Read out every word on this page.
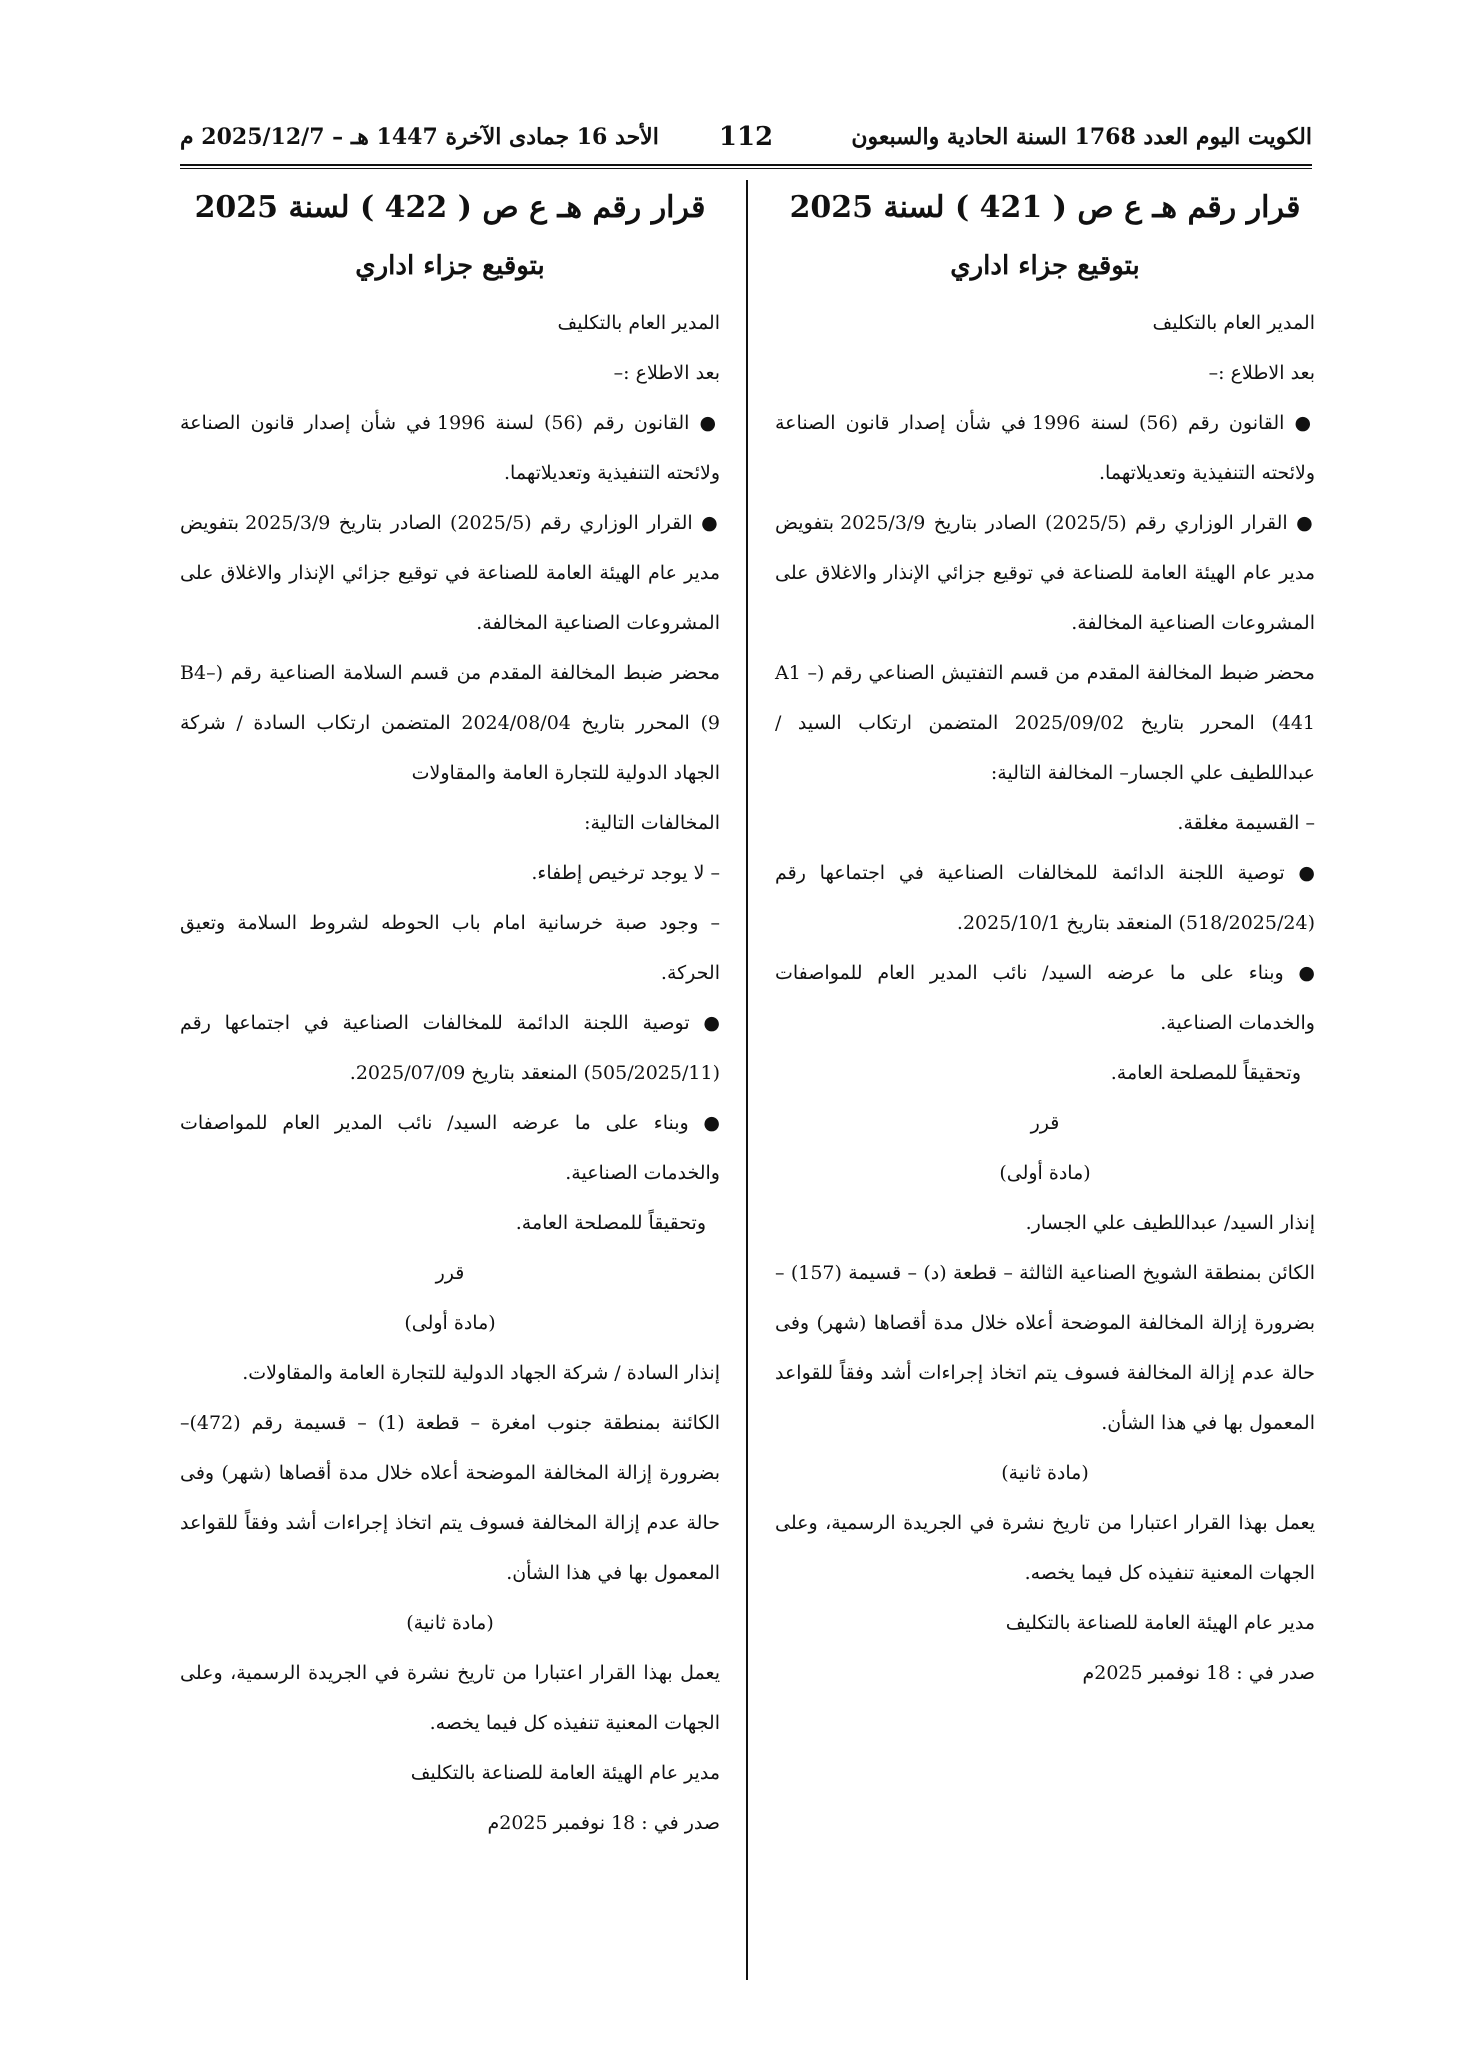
الكويت اليوم العدد 1768 السنة الحادية والسبعون
112
الأحد 16 جمادى الآخرة 1447 هـ – 2025/12/7 م

قرار رقم هـ ع ص ( 421 ) لسنة 2025

بتوقيع جزاء اداري

المدير العام بالتكليف

بعد الاطلاع :–

● القانون رقم (56) لسنة 1996 في شأن إصدار قانون الصناعة ولائحته التنفيذية وتعديلاتهما.

● القرار الوزاري رقم (2025/5) الصادر بتاريخ 2025/3/9 بتفويض مدير عام الهيئة العامة للصناعة في توقيع جزائي الإنذار والاغلاق على المشروعات الصناعية المخالفة.

محضر ضبط المخالفة المقدم من قسم التفتيش الصناعي رقم (– A1 441) المحرر بتاريخ 2025/09/02 المتضمن ارتكاب السيد / عبداللطيف علي الجسار– المخالفة التالية:

– القسيمة مغلقة.

● توصية اللجنة الدائمة للمخالفات الصناعية في اجتماعها رقم (518/2025/24) المنعقد بتاريخ 2025/10/1.

● وبناء على ما عرضه السيد/ نائب المدير العام للمواصفات والخدمات الصناعية.

وتحقيقاً للمصلحة العامة.

قرر

(مادة أولى)

إنذار السيد/ عبداللطيف علي الجسار.

الكائن بمنطقة الشويخ الصناعية الثالثة – قطعة (د) – قسيمة (157) – بضرورة إزالة المخالفة الموضحة أعلاه خلال مدة أقصاها (شهر) وفى حالة عدم إزالة المخالفة فسوف يتم اتخاذ إجراءات أشد وفقاً للقواعد المعمول بها في هذا الشأن.

(مادة ثانية)

يعمل بهذا القرار اعتبارا من تاريخ نشرة في الجريدة الرسمية، وعلى الجهات المعنية تنفيذه كل فيما يخصه.

مدير عام الهيئة العامة للصناعة بالتكليف

صدر في : 18 نوفمبر 2025م

قرار رقم هـ ع ص ( 422 ) لسنة 2025

بتوقيع جزاء اداري

المدير العام بالتكليف

بعد الاطلاع :–

● القانون رقم (56) لسنة 1996 في شأن إصدار قانون الصناعة ولائحته التنفيذية وتعديلاتهما.

● القرار الوزاري رقم (2025/5) الصادر بتاريخ 2025/3/9 بتفويض مدير عام الهيئة العامة للصناعة في توقيع جزائي الإنذار والاغلاق على المشروعات الصناعية المخالفة.

محضر ضبط المخالفة المقدم من قسم السلامة الصناعية رقم (–B4 9) المحرر بتاريخ 2024/08/04 المتضمن ارتكاب السادة / شركة الجهاد الدولية للتجارة العامة والمقاولات

المخالفات التالية:

– لا يوجد ترخيص إطفاء.

– وجود صبة خرسانية امام باب الحوطه لشروط السلامة وتعيق الحركة.

● توصية اللجنة الدائمة للمخالفات الصناعية في اجتماعها رقم (505/2025/11) المنعقد بتاريخ 2025/07/09.

● وبناء على ما عرضه السيد/ نائب المدير العام للمواصفات والخدمات الصناعية.

وتحقيقاً للمصلحة العامة.

قرر

(مادة أولى)

إنذار السادة / شركة الجهاد الدولية للتجارة العامة والمقاولات.

الكائنة بمنطقة جنوب امغرة – قطعة (1) – قسيمة رقم (472)– بضرورة إزالة المخالفة الموضحة أعلاه خلال مدة أقصاها (شهر) وفى حالة عدم إزالة المخالفة فسوف يتم اتخاذ إجراءات أشد وفقاً للقواعد المعمول بها في هذا الشأن.

(مادة ثانية)

يعمل بهذا القرار اعتبارا من تاريخ نشرة في الجريدة الرسمية، وعلى الجهات المعنية تنفيذه كل فيما يخصه.

مدير عام الهيئة العامة للصناعة بالتكليف

صدر في : 18 نوفمبر 2025م
